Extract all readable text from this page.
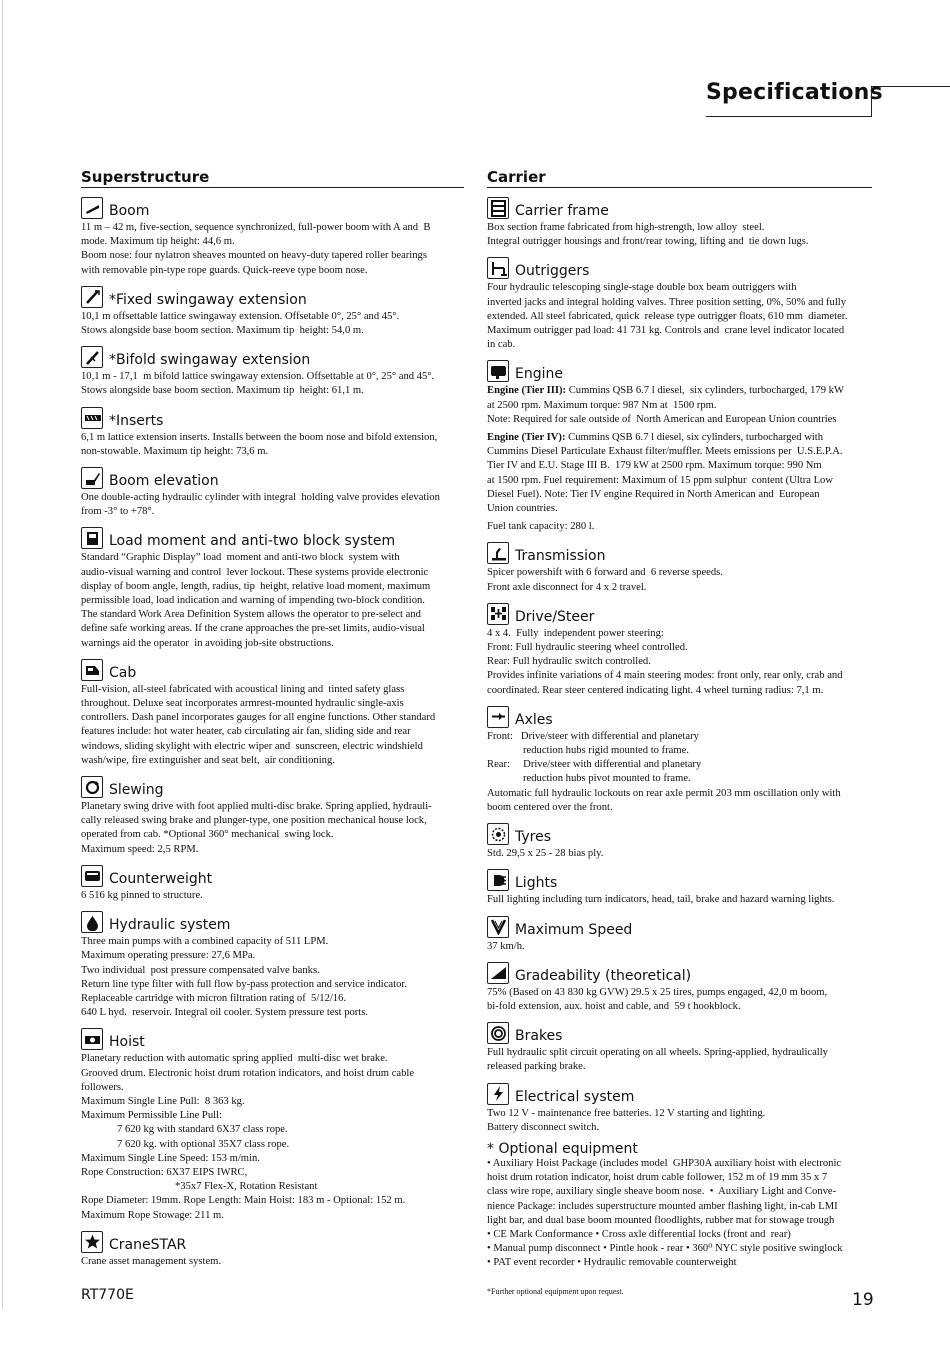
Specifications
Superstructure
Boom
11 m – 42 m, five-section, sequence synchronized, full-power boom with A and  B
mode. Maximum tip height: 44,6 m.
Boom nose: four nylatron sheaves mounted on heavy-duty tapered roller bearings
with removable pin-type rope guards. Quick-reeve type boom nose.
*Fixed swingaway extension
10,1 m offsettable lattice swingaway extension. Offsetable 0°, 25° and 45°.
Stows alongside base boom section. Maximum tip  height: 54,0 m.
*Bifold swingaway extension
10,1 m - 17,1  m bifold lattice swingaway extension. Offsettable at 0°, 25° and 45°.
Stows alongside base boom section. Maximum tip  height: 61,1 m.
*Inserts
6,1 m lattice extension inserts. Installs between the boom nose and bifold extension,
non-stowable. Maximum tip height: 73,6 m.
Boom elevation
One double-acting hydraulic cylinder with integral  holding valve provides elevation
from -3° to +78°.
Load moment and anti-two block system
Standard “Graphic Display” load  moment and anti-two block  system with
audio-visual warning and control  lever lockout. These systems provide electronic
display of boom angle, length, radius, tip  height, relative load moment, maximum
permissible load, load indication and warning of impending two-block condition.
The standard Work Area Definition System allows the operator to pre-select and
define safe working areas. If the crane approaches the pre-set limits, audio-visual
warnings aid the operator  in avoiding job-site obstructions.
Cab
Full-vision, all-steel fabricated with acoustical lining and  tinted safety glass
throughout. Deluxe seat incorporates armrest-mounted hydraulic single-axis
controllers. Dash panel incorporates gauges for all engine functions. Other standard
features include: hot water heater, cab circulating air fan, sliding side and rear
windows, sliding skylight with electric wiper and  sunscreen, electric windshield
wash/wipe, fire extinguisher and seat belt,  air conditioning.
Slewing
Planetary swing drive with foot applied multi-disc brake. Spring applied, hydrauli-
cally released swing brake and plunger-type, one position mechanical house lock,
operated from cab. *Optional 360° mechanical  swing lock.
Maximum speed: 2,5 RPM.
Counterweight
6 516 kg pinned to structure.
Hydraulic system
Three main pumps with a combined capacity of 511 LPM.
Maximum operating pressure: 27,6 MPa.
Two individual  post pressure compensated valve banks.
Return line type filter with full flow by-pass protection and service indicator.
Replaceable cartridge with micron filtration rating of  5/12/16.
640 L hyd.  reservoir. Integral oil cooler. System pressure test ports.
Hoist
Planetary reduction with automatic spring applied  multi-disc wet brake.
Grooved drum. Electronic hoist drum rotation indicators, and hoist drum cable
followers.
Maximum Single Line Pull:  8 363 kg.
Maximum Permissible Line Pull:
7 620 kg with standard 6X37 class rope.
7 620 kg. with optional 35X7 class rope.
Maximum Single Line Speed: 153 m/min.
Rope Construction: 6X37 EIPS IWRC,
*35x7 Flex-X, Rotation Resistant
Rope Diameter: 19mm. Rope Length: Main Hoist: 183 m - Optional: 152 m.
Maximum Rope Stowage: 211 m.
CraneSTAR
Crane asset management system.
Carrier
Carrier frame
Box section frame fabricated from high-strength, low alloy  steel.
Integral outrigger housings and front/rear towing, lifting and  tie down lugs.
Outriggers
Four hydraulic telescoping single-stage double box beam outriggers with
inverted jacks and integral holding valves. Three position setting, 0%, 50% and fully
extended. All steel fabricated, quick  release type outrigger floats, 610 mm  diameter.
Maximum outrigger pad load: 41 731 kg. Controls and  crane level indicator located
in cab.
Engine
Engine (Tier III): Cummins QSB 6.7 l diesel,  six cylinders, turbocharged, 179 kW
at 2500 rpm. Maximum torque: 987 Nm at  1500 rpm.
Note: Required for sale outside of  North American and European Union countries
Engine (Tier IV): Cummins QSB 6.7 l diesel, six cylinders, turbocharged with
Cummins Diesel Particulate Exhaust filter/muffler. Meets emissions per  U.S.E.P.A.
Tier IV and E.U. Stage III B.  179 kW at 2500 rpm. Maximum torque: 990 Nm
at 1500 rpm. Fuel requirement: Maximum of 15 ppm sulphur  content (Ultra Low
Diesel Fuel). Note: Tier IV engine Required in North American and  European
Union countries.
Fuel tank capacity: 280 l.
Transmission
Spicer powershift with 6 forward and  6 reverse speeds.
Front axle disconnect for 4 x 2 travel.
Drive/Steer
4 x 4.  Fully  independent power steering:
Front: Full hydraulic steering wheel controlled.
Rear: Full hydraulic switch controlled.
Provides infinite variations of 4 main steering modes: front only, rear only, crab and
coordinated. Rear steer centered indicating light. 4 wheel turning radius: 7,1 m.
Axles
Front:   Drive/steer with differential and planetary
reduction hubs rigid mounted to frame.
Rear:     Drive/steer with differential and planetary
reduction hubs pivot mounted to frame.
Automatic full hydraulic lockouts on rear axle permit 203 mm oscillation only with
boom centered over the front.
Tyres
Std. 29,5 x 25 - 28 bias ply.
Lights
Full lighting including turn indicators, head, tail, brake and hazard warning lights.
Maximum Speed
37 km/h.
Gradeability (theoretical)
75% (Based on 43 830 kg GVW) 29.5 x 25 tires, pumps engaged, 42,0 m boom,
bi-fold extension, aux. hoist and cable, and  59 t hookblock.
Brakes
Full hydraulic split circuit operating on all wheels. Spring-applied, hydraulically
released parking brake.
Electrical system
Two 12 V - maintenance free batteries. 12 V starting and lighting.
Battery disconnect switch.
* Optional equipment
• Auxiliary Hoist Package (includes model  GHP30A auxiliary hoist with electronic
hoist drum rotation indicator, hoist drum cable follower, 152 m of 19 mm 35 x 7
class wire rope, auxiliary single sheave boom nose.  •  Auxiliary Light and Conve-
nience Package: includes superstructure mounted amber flashing light, in-cab LMI
light bar, and dual base boom mounted floodlights, rubber mat for stowage trough
• CE Mark Conformance • Cross axle differential locks (front and  rear)
• Manual pump disconnect • Pintle hook - rear • 360⁰ NYC style positive swinglock
• PAT event recorder • Hydraulic removable counterweight
RT770E	*Further optional equipment upon request.	19
